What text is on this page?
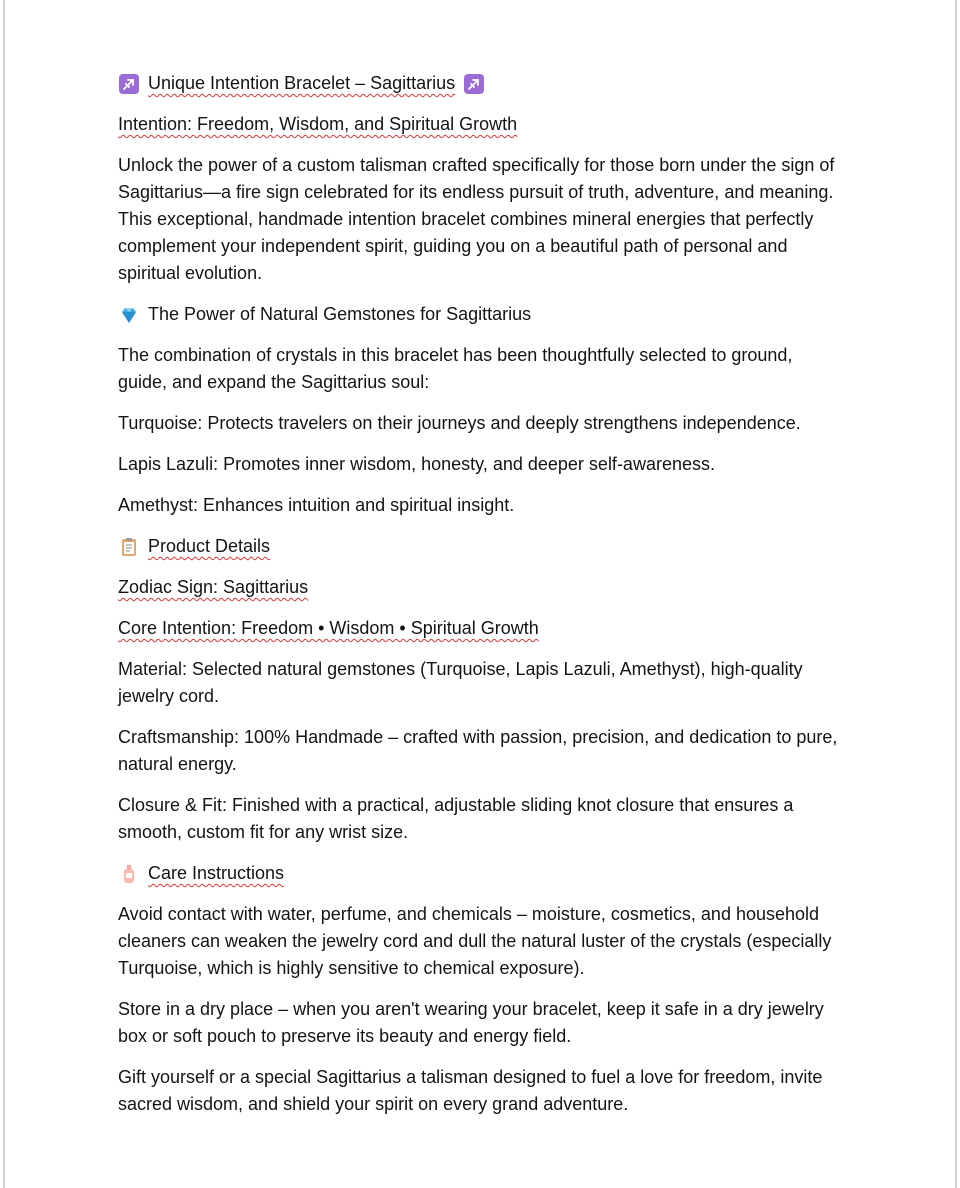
Unique Intention Bracelet – Sagittarius

Intention: Freedom, Wisdom, and Spiritual Growth

Unlock the power of a custom talisman crafted specifically for those born under the sign of Sagittarius—a fire sign celebrated for its endless pursuit of truth, adventure, and meaning. This exceptional, handmade intention bracelet combines mineral energies that perfectly complement your independent spirit, guiding you on a beautiful path of personal and spiritual evolution.

The Power of Natural Gemstones for Sagittarius

The combination of crystals in this bracelet has been thoughtfully selected to ground, guide, and expand the Sagittarius soul:

Turquoise: Protects travelers on their journeys and deeply strengthens independence.

Lapis Lazuli: Promotes inner wisdom, honesty, and deeper self-awareness.

Amethyst: Enhances intuition and spiritual insight.

Product Details

Zodiac Sign: Sagittarius

Core Intention: Freedom • Wisdom • Spiritual Growth

Material: Selected natural gemstones (Turquoise, Lapis Lazuli, Amethyst), high-quality jewelry cord.

Craftsmanship: 100% Handmade – crafted with passion, precision, and dedication to pure, natural energy.

Closure & Fit: Finished with a practical, adjustable sliding knot closure that ensures a smooth, custom fit for any wrist size.

Care Instructions

Avoid contact with water, perfume, and chemicals – moisture, cosmetics, and household cleaners can weaken the jewelry cord and dull the natural luster of the crystals (especially Turquoise, which is highly sensitive to chemical exposure).

Store in a dry place – when you aren't wearing your bracelet, keep it safe in a dry jewelry box or soft pouch to preserve its beauty and energy field.

Gift yourself or a special Sagittarius a talisman designed to fuel a love for freedom, invite sacred wisdom, and shield your spirit on every grand adventure.
